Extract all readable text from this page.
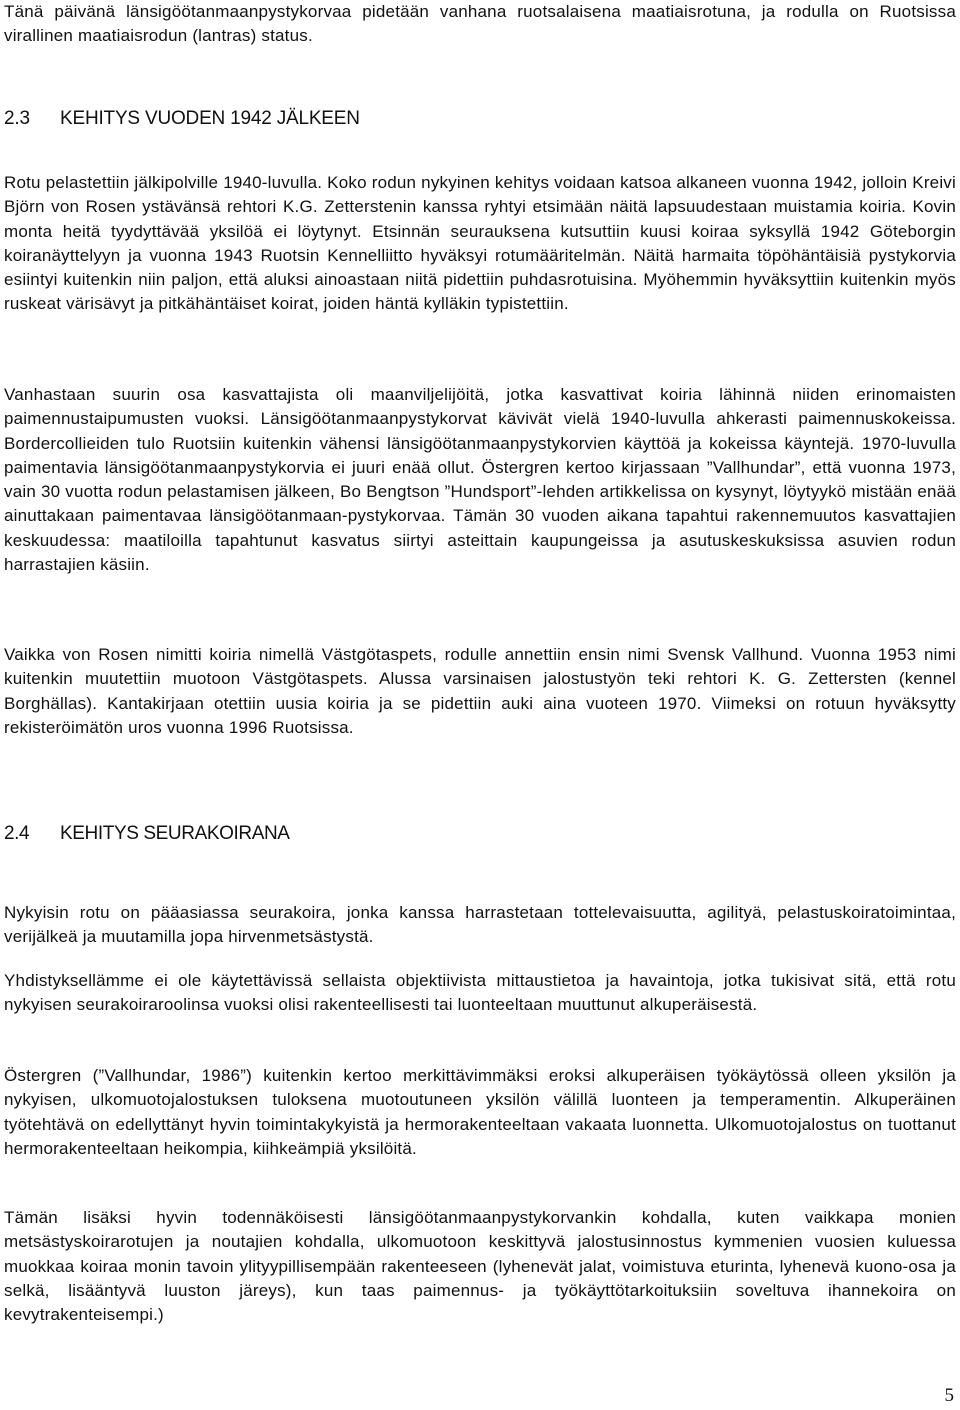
Tänä päivänä länsigöötanmaanpystykorvaa pidetään vanhana ruotsalaisena maatiaisrotuna, ja rodulla on Ruotsissa virallinen maatiaisrodun (lantras) status.

2.3 KEHITYS VUODEN 1942 JÄLKEEN

Rotu pelastettiin jälkipolville 1940-luvulla. Koko rodun nykyinen kehitys voidaan katsoa alkaneen vuonna 1942, jolloin Kreivi Björn von Rosen ystävänsä rehtori K.G. Zetterstenin kanssa ryhtyi etsimään näitä lapsuudestaan muistamia koiria. Kovin monta heitä tyydyttävää yksilöä ei löytynyt. Etsinnän seurauksena kutsuttiin kuusi koiraa syksyllä 1942 Göteborgin koiranäyttelyyn ja vuonna 1943 Ruotsin Kennelliitto hyväksyi rotumääritelmän. Näitä harmaita töpöhäntäisiä pystykorvia esiintyi kuitenkin niin paljon, että aluksi ainoastaan niitä pidettiin puhdasrotuisina. Myöhemmin hyväksyttiin kuitenkin myös ruskeat värisävyt ja pitkähäntäiset koirat, joiden häntä kylläkin typistettiin.

Vanhastaan suurin osa kasvattajista oli maanviljelijöitä, jotka kasvattivat koiria lähinnä niiden erinomaisten paimennustaipumusten vuoksi. Länsigöötanmaanpystykorvat kävivät vielä 1940-luvulla ahkerasti paimennuskokeissa. Bordercollieiden tulo Ruotsiin kuitenkin vähensi länsigöötanmaanpystykorvien käyttöä ja kokeissa käyntejä. 1970-luvulla paimentavia länsigöötanmaanpystykorvia ei juuri enää ollut. Östergren kertoo kirjassaan ”Vallhundar”, että vuonna 1973, vain 30 vuotta rodun pelastamisen jälkeen, Bo Bengtson ”Hundsport”-lehden artikkelissa on kysynyt, löytyykö mistään enää ainuttakaan paimentavaa länsigöötanmaan-pystykorvaa. Tämän 30 vuoden aikana tapahtui rakennemuutos kasvattajien keskuudessa: maatiloilla tapahtunut kasvatus siirtyi asteittain kaupungeissa ja asutuskeskuksissa asuvien rodun harrastajien käsiin.

Vaikka von Rosen nimitti koiria nimellä Västgötaspets, rodulle annettiin ensin nimi Svensk Vallhund. Vuonna 1953 nimi kuitenkin muutettiin muotoon Västgötaspets. Alussa varsinaisen jalostustyön teki rehtori K. G. Zettersten (kennel Borghällas). Kantakirjaan otettiin uusia koiria ja se pidettiin auki aina vuoteen 1970. Viimeksi on rotuun hyväksytty rekisteröimätön uros vuonna 1996 Ruotsissa.

2.4 KEHITYS SEURAKOIRANA

Nykyisin rotu on pääasiassa seurakoira, jonka kanssa harrastetaan tottelevaisuutta, agilityä, pelastuskoiratoimintaa, verijälkeä ja muutamilla jopa hirvenmetsästystä.

Yhdistyksellämme ei ole käytettävissä sellaista objektiivista mittaustietoa ja havaintoja, jotka tukisivat sitä, että rotu nykyisen seurakoiraroolinsa vuoksi olisi rakenteellisesti tai luonteeltaan muuttunut alkuperäisestä.

Östergren (”Vallhundar, 1986”) kuitenkin kertoo merkittävimmäksi eroksi alkuperäisen työkäytössä olleen yksilön ja nykyisen, ulkomuotojalostuksen tuloksena muotoutuneen yksilön välillä luonteen ja temperamentin. Alkuperäinen työtehtävä on edellyttänyt hyvin toimintakykyistä ja hermorakenteeltaan vakaata luonnetta. Ulkomuotojalostus on tuottanut hermorakenteeltaan heikompia, kiihkeämpiä yksilöitä.

Tämän lisäksi hyvin todennäköisesti länsigöötanmaanpystykorvankin kohdalla, kuten vaikkapa monien metsästyskoirarotujen ja noutajien kohdalla, ulkomuotoon keskittyvä jalostusinnostus kymmenien vuosien kuluessa muokkaa koiraa monin tavoin ylityypillisempään rakenteeseen (lyhenevät jalat, voimistuva eturinta, lyhenevä kuono-osa ja selkä, lisääntyvä luuston järeys), kun taas paimennus- ja työkäyttötarkoituksiin soveltuva ihannekoira on kevytrakenteisempi.)

5
